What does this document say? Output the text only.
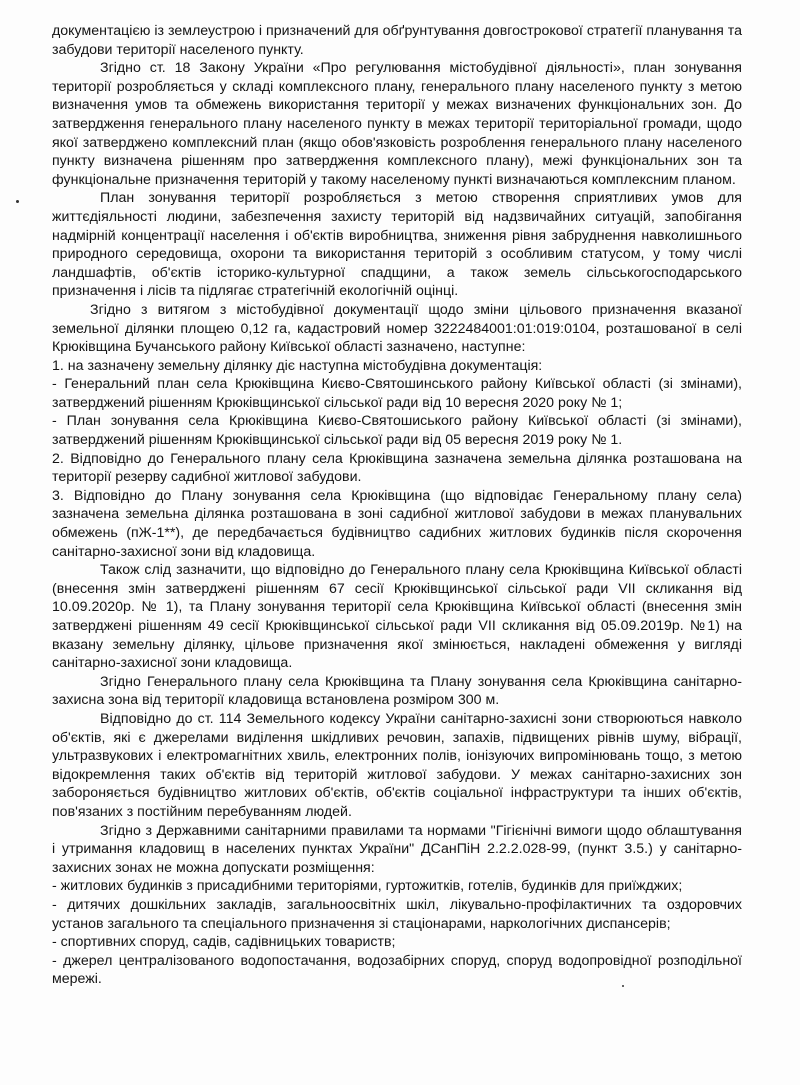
документацією із землеустрою і призначений для обґрунтування довгострокової стратегії планування та забудови території населеного пункту.

Згідно ст. 18 Закону України «Про регулювання містобудівної діяльності», план зонування території розробляється у складі комплексного плану, генерального плану населеного пункту з метою визначення умов та обмежень використання території у межах визначених функціональних зон. До затвердження генерального плану населеного пункту в межах території територіальної громади, щодо якої затверджено комплексний план (якщо обов'язковість розроблення генерального плану населеного пункту визначена рішенням про затвердження комплексного плану), межі функціональних зон та функціональне призначення територій у такому населеному пункті визначаються комплексним планом.

План зонування території розробляється з метою створення сприятливих умов для життєдіяльності людини, забезпечення захисту територій від надзвичайних ситуацій, запобігання надмірній концентрації населення і об'єктів виробництва, зниження рівня забруднення навколишнього природного середовища, охорони та використання територій з особливим статусом, у тому числі ландшафтів, об'єктів історико-культурної спадщини, а також земель сільськогосподарського призначення і лісів та підлягає стратегічній екологічній оцінці.

Згідно з витягом з містобудівної документації щодо зміни цільового призначення вказаної земельної ділянки площею 0,12 га, кадастровий номер 3222484001:01:019:0104, розташованої в селі Крюківщина Бучанського району Київської області зазначено, наступне:

1. на зазначену земельну ділянку діє наступна містобудівна документація:

- Генеральний план села Крюківщина Києво-Святошинського району Київської області (зі змінами), затверджений рішенням Крюківщинської сільської ради від 10 вересня 2020 року № 1;

- План зонування села Крюківщина Києво-Святошиського району Київської області (зі змінами), затверджений рішенням Крюківщинської сільської ради від 05 вересня 2019 року № 1.

2. Відповідно до Генерального плану села Крюківщина зазначена земельна ділянка розташована на території резерву садибної житлової забудови.

3. Відповідно до Плану зонування села Крюківщина (що відповідає Генеральному плану села) зазначена земельна ділянка розташована в зоні садибної житлової забудови в межах планувальних обмежень (пЖ-1**), де передбачається будівництво садибних житлових будинків після скорочення санітарно-захисної зони від кладовища.

Також слід зазначити, що відповідно до Генерального плану села Крюківщина Київської області (внесення змін затверджені рішенням 67 сесії Крюківщинської сільської ради VII скликання від 10.09.2020р. № 1), та Плану зонування території села Крюківщина Київської області (внесення змін затверджені рішенням 49 сесії Крюківщинської сільської ради VII скликання від 05.09.2019р. №1) на вказану земельну ділянку, цільове призначення якої змінюється, накладені обмеження у вигляді санітарно-захисної зони кладовища.

Згідно Генерального плану села Крюківщина та Плану зонування села Крюківщина санітарно-захисна зона від території кладовища встановлена розміром 300 м.

Відповідно до ст. 114 Земельного кодексу України санітарно-захисні зони створюються навколо об'єктів, які є джерелами виділення шкідливих речовин, запахів, підвищених рівнів шуму, вібрації, ультразвукових і електромагнітних хвиль, електронних полів, іонізуючих випромінювань тощо, з метою відокремлення таких об'єктів від територій житлової забудови. У межах санітарно-захисних зон забороняється будівництво житлових об'єктів, об'єктів соціальної інфраструктури та інших об'єктів, пов'язаних з постійним перебуванням людей.

Згідно з Державними санітарними правилами та нормами "Гігієнічні вимоги щодо облаштування і утримання кладовищ в населених пунктах України" ДСанПіН 2.2.2.028-99, (пункт 3.5.) у санітарно-захисних зонах не можна допускати розміщення:

- житлових будинків з присадибними територіями, гуртожитків, готелів, будинків для приїжджих;

- дитячих дошкільних закладів, загальноосвітніх шкіл, лікувально-профілактичних та оздоровчих установ загального та спеціального призначення зі стаціонарами, наркологічних диспансерів;

- спортивних споруд, садів, садівницьких товариств;

- джерел централізованого водопостачання, водозабірних споруд, споруд водопровідної розподільної мережі.
